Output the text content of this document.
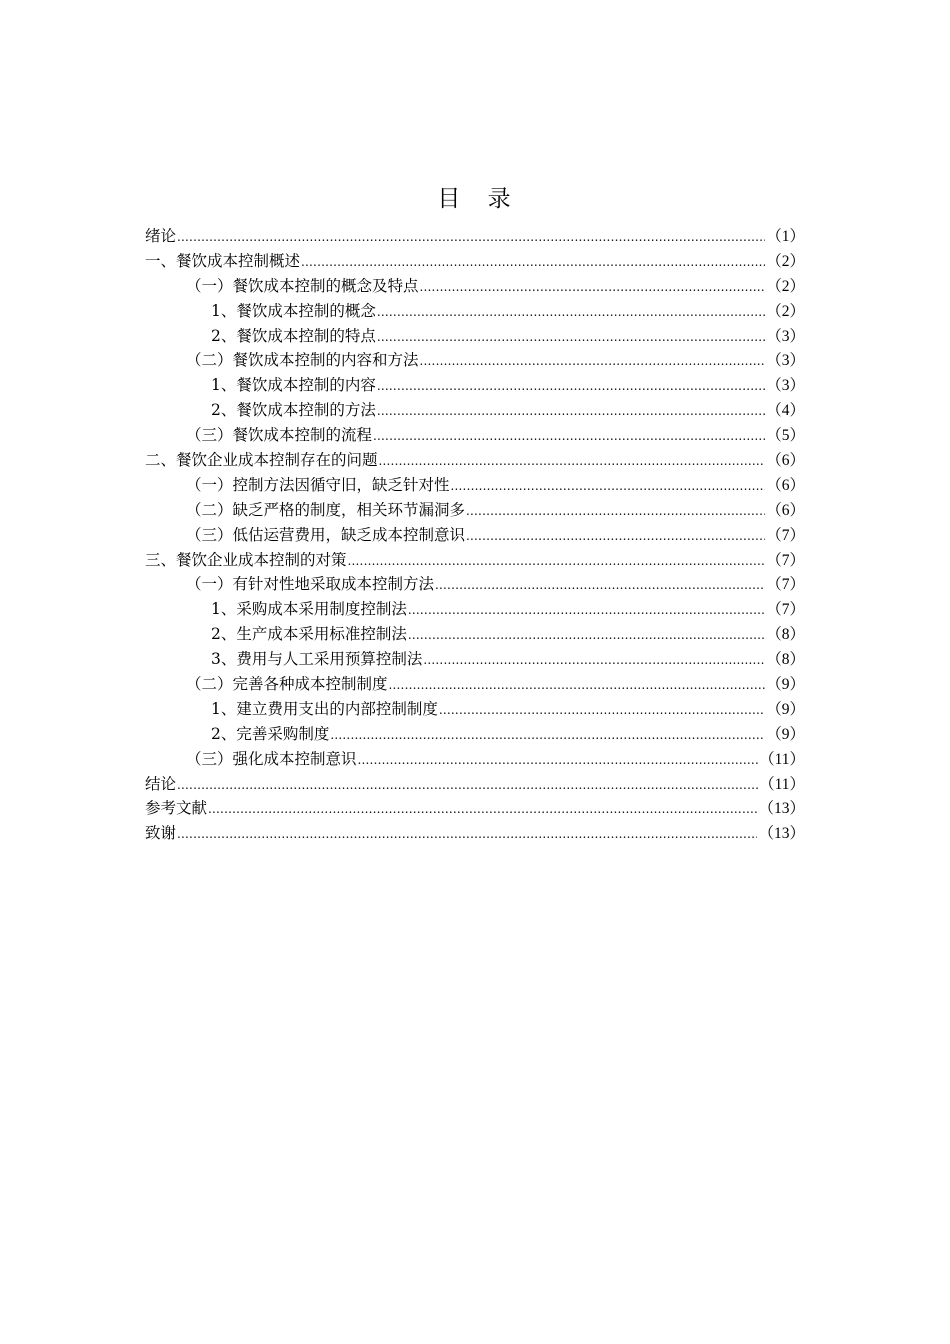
目 录
绪论 .....	（1）
一、餐饮成本控制概述 .....	（2）
（一）餐饮成本控制的概念及特点 .....	（2）
1、餐饮成本控制的概念 .....	（2）
2、餐饮成本控制的特点 .....	（3）
（二）餐饮成本控制的内容和方法 .....	（3）
1、餐饮成本控制的内容 .....	（3）
2、餐饮成本控制的方法 .....	（4）
（三）餐饮成本控制的流程 .....	（5）
二、餐饮企业成本控制存在的问题 .....	（6）
（一）控制方法因循守旧，缺乏针对性 .....	（6）
（二）缺乏严格的制度，相关环节漏洞多 .....	（6）
（三）低估运营费用，缺乏成本控制意识 .....	（7）
三、餐饮企业成本控制的对策 .....	（7）
（一）有针对性地采取成本控制方法 .....	（7）
1、采购成本采用制度控制法 .....	（7）
2、生产成本采用标准控制法 .....	（8）
3、费用与人工采用预算控制法 .....	（8）
（二）完善各种成本控制制度 .....	（9）
1、建立费用支出的内部控制制度 .....	（9）
2、完善采购制度 .....	（9）
（三）强化成本控制意识 .....	（11）
结论 .....	（11）
参考文献 .....	（13）
致谢 .....	（13）
